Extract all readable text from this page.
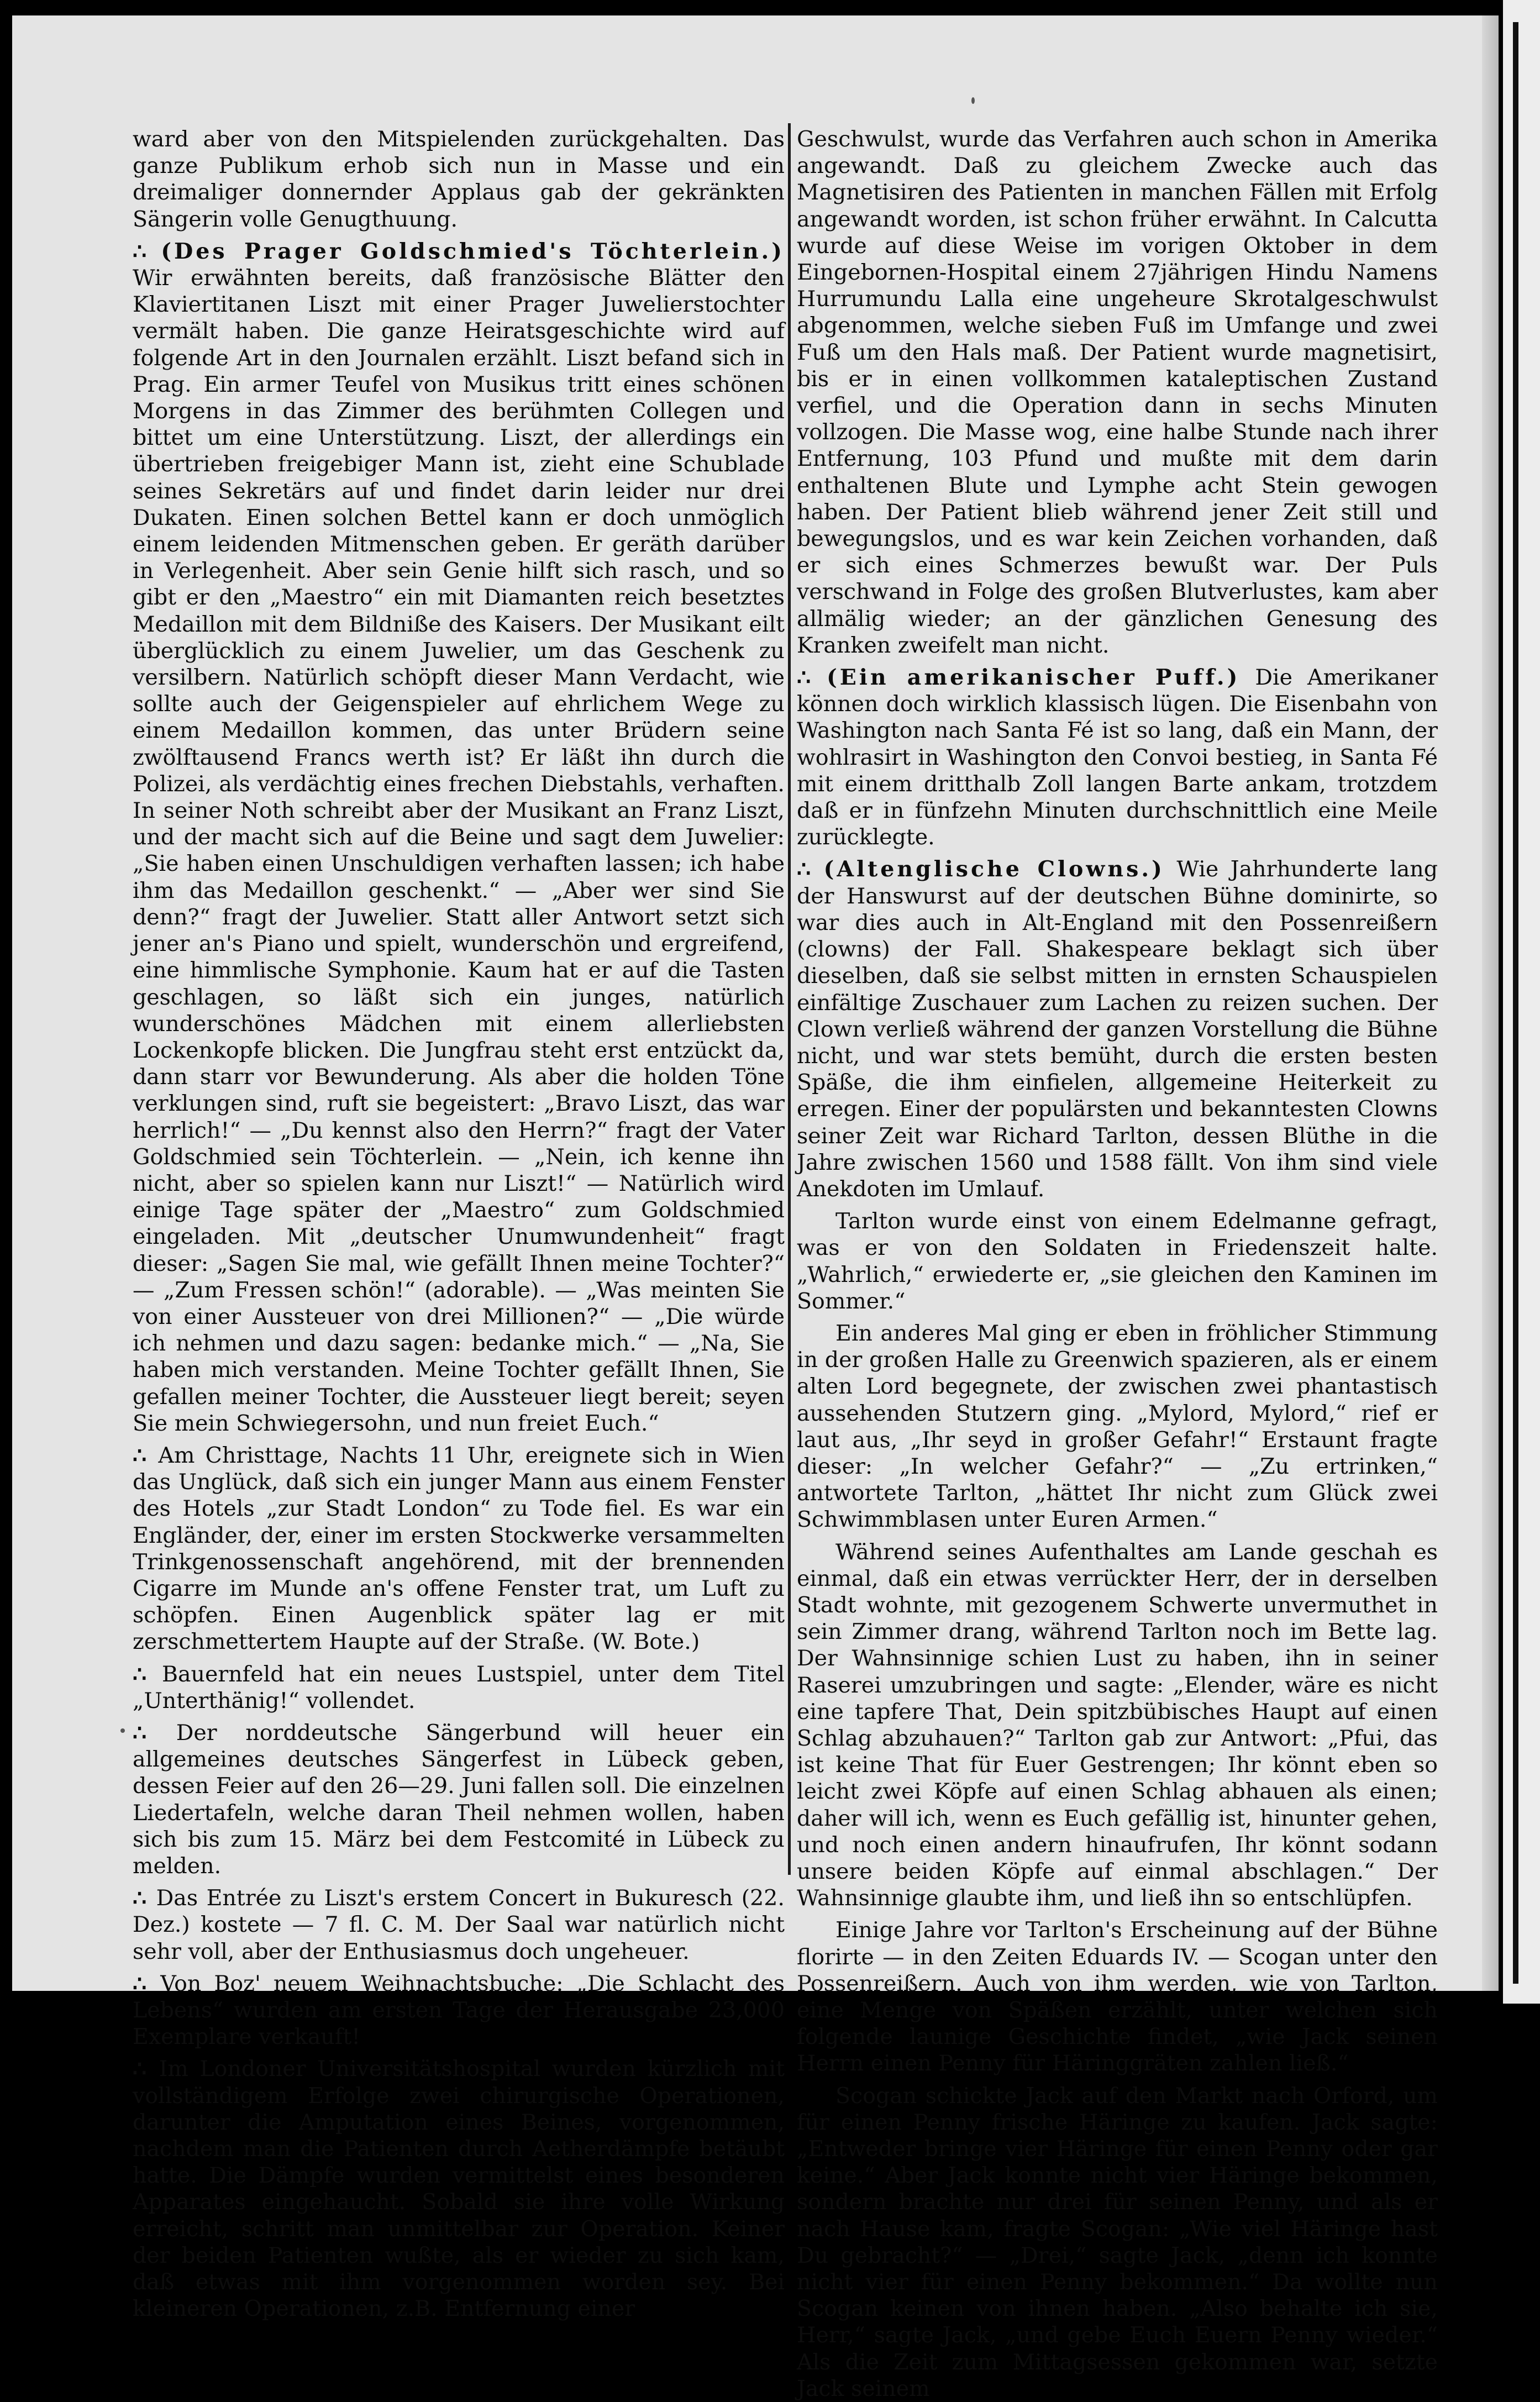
ward aber von den Mitspielenden zurückgehalten. Das ganze Publikum erhob sich nun in Masse und ein dreimaliger donnernder Applaus gab der gekränkten Sängerin volle Genugthuung.

∴ (Des Prager Goldschmied's Töchterlein.) Wir erwähnten bereits, daß französische Blätter den Klaviertitanen Liszt mit einer Prager Juwelierstochter vermält haben. Die ganze Heiratsgeschichte wird auf folgende Art in den Journalen erzählt. Liszt befand sich in Prag. Ein armer Teufel von Musikus tritt eines schönen Morgens in das Zimmer des berühmten Collegen und bittet um eine Unterstützung. Liszt, der allerdings ein übertrieben freigebiger Mann ist, zieht eine Schublade seines Sekretärs auf und findet darin leider nur drei Dukaten. Einen solchen Bettel kann er doch unmöglich einem leidenden Mitmenschen geben. Er geräth darüber in Verlegenheit. Aber sein Genie hilft sich rasch, und so gibt er den „Maestro“ ein mit Diamanten reich besetztes Medaillon mit dem Bildniße des Kaisers. Der Musikant eilt überglücklich zu einem Juwelier, um das Geschenk zu versilbern. Natürlich schöpft dieser Mann Verdacht, wie sollte auch der Geigenspieler auf ehrlichem Wege zu einem Medaillon kommen, das unter Brüdern seine zwölftausend Francs werth ist? Er läßt ihn durch die Polizei, als verdächtig eines frechen Diebstahls, verhaften. In seiner Noth schreibt aber der Musikant an Franz Liszt, und der macht sich auf die Beine und sagt dem Juwelier: „Sie haben einen Unschuldigen verhaften lassen; ich habe ihm das Medaillon geschenkt.“ — „Aber wer sind Sie denn?“ fragt der Juwelier. Statt aller Antwort setzt sich jener an's Piano und spielt, wunderschön und ergreifend, eine himmlische Symphonie. Kaum hat er auf die Tasten geschlagen, so läßt sich ein junges, natürlich wunderschönes Mädchen mit einem allerliebsten Lockenkopfe blicken. Die Jungfrau steht erst entzückt da, dann starr vor Bewunderung. Als aber die holden Töne verklungen sind, ruft sie begeistert: „Bravo Liszt, das war herrlich!“ — „Du kennst also den Herrn?“ fragt der Vater Goldschmied sein Töchterlein. — „Nein, ich kenne ihn nicht, aber so spielen kann nur Liszt!“ — Natürlich wird einige Tage später der „Maestro“ zum Goldschmied eingeladen. Mit „deutscher Unumwundenheit“ fragt dieser: „Sagen Sie mal, wie gefällt Ihnen meine Tochter?“ — „Zum Fressen schön!“ (adorable). — „Was meinten Sie von einer Aussteuer von drei Millionen?“ — „Die würde ich nehmen und dazu sagen: bedanke mich.“ — „Na, Sie haben mich verstanden. Meine Tochter gefällt Ihnen, Sie gefallen meiner Tochter, die Aussteuer liegt bereit; seyen Sie mein Schwiegersohn, und nun freiet Euch.“

∴ Am Christtage, Nachts 11 Uhr, ereignete sich in Wien das Unglück, daß sich ein junger Mann aus einem Fenster des Hotels „zur Stadt London“ zu Tode fiel. Es war ein Engländer, der, einer im ersten Stockwerke versammelten Trinkgenossenschaft angehörend, mit der brennenden Cigarre im Munde an's offene Fenster trat, um Luft zu schöpfen. Einen Augenblick später lag er mit zerschmettertem Haupte auf der Straße. (W. Bote.)

∴ Bauernfeld hat ein neues Lustspiel, unter dem Titel „Unterthänig!“ vollendet.

∴ Der norddeutsche Sängerbund will heuer ein allgemeines deutsches Sängerfest in Lübeck geben, dessen Feier auf den 26—29. Juni fallen soll. Die einzelnen Liedertafeln, welche daran Theil nehmen wollen, haben sich bis zum 15. März bei dem Festcomité in Lübeck zu melden.

∴ Das Entrée zu Liszt's erstem Concert in Bukuresch (22. Dez.) kostete — 7 fl. C. M. Der Saal war natürlich nicht sehr voll, aber der Enthusiasmus doch ungeheuer.

∴ Von Boz' neuem Weihnachtsbuche: „Die Schlacht des Lebens“ wurden am ersten Tage der Herausgabe 23,000 Exemplare verkauft!

∴ Im Londoner Universitätshospital wurden kürzlich mit vollständigem Erfolge zwei chirurgische Operationen, darunter die Amputation eines Beines, vorgenommen, nachdem man die Patienten durch Aetherdämpfe betäubt hatte. Die Dämpfe wurden vermittelst eines besonderen Apparates eingehaucht. Sobald sie ihre volle Wirkung erreicht, schritt man unmittelbar zur Operation. Keiner der beiden Patienten wußte, als er wieder zu sich kam, daß etwas mit ihm vorgenommen worden sey. Bei kleineren Operationen, z.B. Entfernung einer

Geschwulst, wurde das Verfahren auch schon in Amerika angewandt. Daß zu gleichem Zwecke auch das Magnetisiren des Patienten in manchen Fällen mit Erfolg angewandt worden, ist schon früher erwähnt. In Calcutta wurde auf diese Weise im vorigen Oktober in dem Eingebornen-Hospital einem 27jährigen Hindu Namens Hurrumundu Lalla eine ungeheure Skrotalgeschwulst abgenommen, welche sieben Fuß im Umfange und zwei Fuß um den Hals maß. Der Patient wurde magnetisirt, bis er in einen vollkommen kataleptischen Zustand verfiel, und die Operation dann in sechs Minuten vollzogen. Die Masse wog, eine halbe Stunde nach ihrer Entfernung, 103 Pfund und mußte mit dem darin enthaltenen Blute und Lymphe acht Stein gewogen haben. Der Patient blieb während jener Zeit still und bewegungslos, und es war kein Zeichen vorhanden, daß er sich eines Schmerzes bewußt war. Der Puls verschwand in Folge des großen Blutverlustes, kam aber allmälig wieder; an der gänzlichen Genesung des Kranken zweifelt man nicht.

∴ (Ein amerikanischer Puff.) Die Amerikaner können doch wirklich klassisch lügen. Die Eisenbahn von Washington nach Santa Fé ist so lang, daß ein Mann, der wohlrasirt in Washington den Convoi bestieg, in Santa Fé mit einem dritthalb Zoll langen Barte ankam, trotzdem daß er in fünfzehn Minuten durchschnittlich eine Meile zurücklegte.

∴ (Altenglische Clowns.) Wie Jahrhunderte lang der Hanswurst auf der deutschen Bühne dominirte, so war dies auch in Alt-England mit den Possenreißern (clowns) der Fall. Shakespeare beklagt sich über dieselben, daß sie selbst mitten in ernsten Schauspielen einfältige Zuschauer zum Lachen zu reizen suchen. Der Clown verließ während der ganzen Vorstellung die Bühne nicht, und war stets bemüht, durch die ersten besten Späße, die ihm einfielen, allgemeine Heiterkeit zu erregen. Einer der populärsten und bekanntesten Clowns seiner Zeit war Richard Tarlton, dessen Blüthe in die Jahre zwischen 1560 und 1588 fällt. Von ihm sind viele Anekdoten im Umlauf.

Tarlton wurde einst von einem Edelmanne gefragt, was er von den Soldaten in Friedenszeit halte. „Wahrlich,“ erwiederte er, „sie gleichen den Kaminen im Sommer.“

Ein anderes Mal ging er eben in fröhlicher Stimmung in der großen Halle zu Greenwich spazieren, als er einem alten Lord begegnete, der zwischen zwei phantastisch aussehenden Stutzern ging. „Mylord, Mylord,“ rief er laut aus, „Ihr seyd in großer Gefahr!“ Erstaunt fragte dieser: „In welcher Gefahr?“ — „Zu ertrinken,“ antwortete Tarlton, „hättet Ihr nicht zum Glück zwei Schwimmblasen unter Euren Armen.“

Während seines Aufenthaltes am Lande geschah es einmal, daß ein etwas verrückter Herr, der in derselben Stadt wohnte, mit gezogenem Schwerte unvermuthet in sein Zimmer drang, während Tarlton noch im Bette lag. Der Wahnsinnige schien Lust zu haben, ihn in seiner Raserei umzubringen und sagte: „Elender, wäre es nicht eine tapfere That, Dein spitzbübisches Haupt auf einen Schlag abzuhauen?“ Tarlton gab zur Antwort: „Pfui, das ist keine That für Euer Gestrengen; Ihr könnt eben so leicht zwei Köpfe auf einen Schlag abhauen als einen; daher will ich, wenn es Euch gefällig ist, hinunter gehen, und noch einen andern hinaufrufen, Ihr könnt sodann unsere beiden Köpfe auf einmal abschlagen.“ Der Wahnsinnige glaubte ihm, und ließ ihn so entschlüpfen.

Einige Jahre vor Tarlton's Erscheinung auf der Bühne florirte — in den Zeiten Eduards IV. — Scogan unter den Possenreißern. Auch von ihm werden, wie von Tarlton, eine Menge von Späßen erzählt, unter welchen sich folgende launige Geschichte findet, „wie Jack seinen Herrn einen Penny für Häringgräten zahlen ließ.“

Scogan schickte Jack auf den Markt nach Orford, um für einen Penny frische Häringe zu kaufen. Jack sagte: „Entweder bringe vier Häringe für einen Penny oder gar keine.“ Aber Jack konnte nicht vier Häringe bekommen, sondern brachte nur drei für seinen Penny, und als er nach Hause kam, fragte Scogan: „Wie viel Häringe hast Du gebracht?“ — „Drei,“ sagte Jack, „denn ich konnte nicht vier für einen Penny bekommen.“ Da wollte nun Scogan keinen von ihnen haben. „Also behalte ich sie, Herr,“ sagte Jack, „und gebe Euch Euern Penny wieder.“ Als die Zeit zum Mittagsessen gekommen war, setzte Jack seinem
